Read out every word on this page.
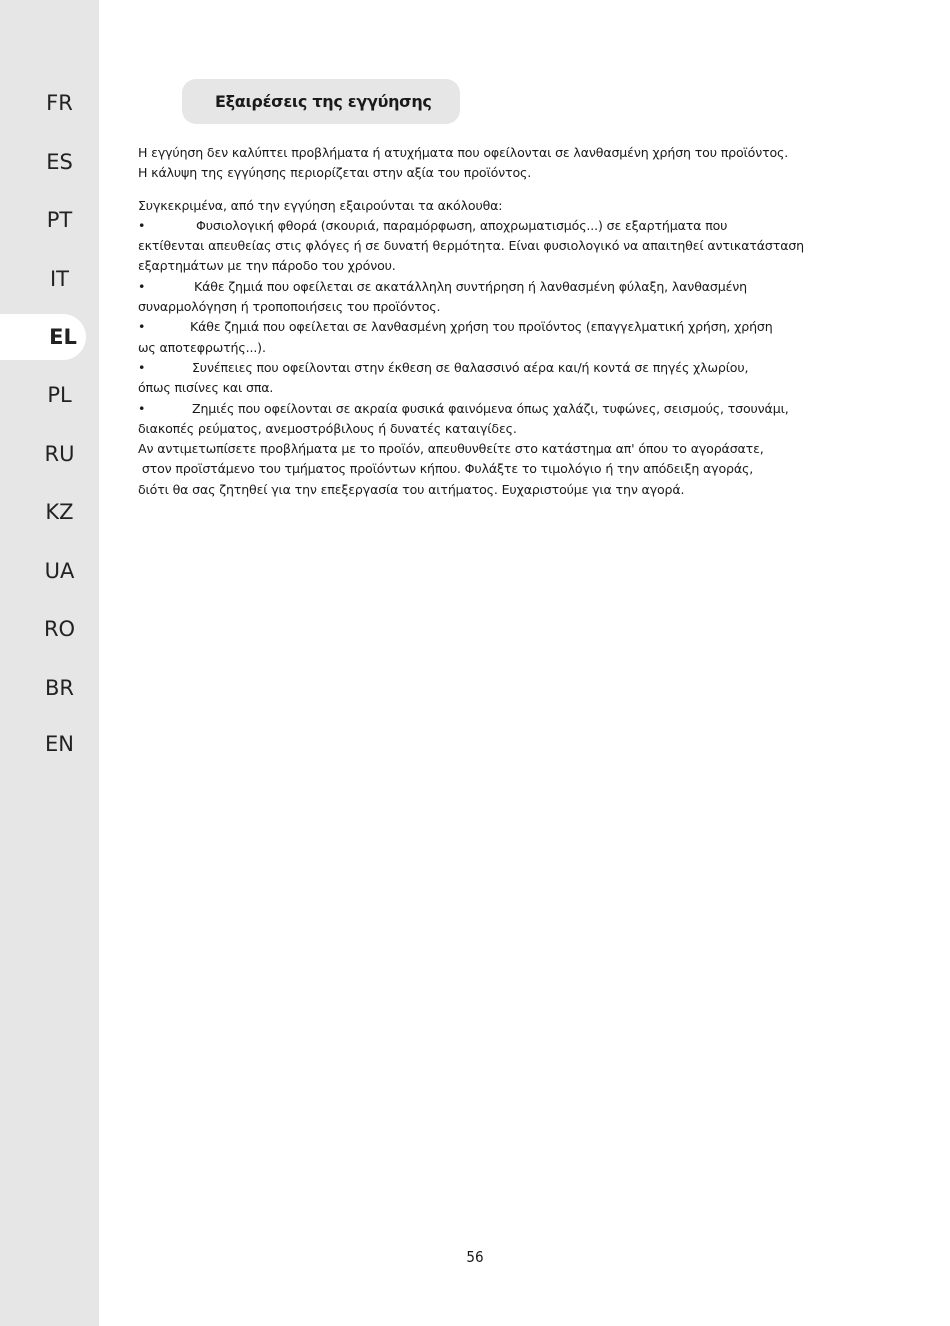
FR
ES
PT
IT
EL
PL
RU
KZ
UA
RO
BR
EN
Εξαιρέσεις της εγγύησης

Η εγγύηση δεν καλύπτει προβλήματα ή ατυχήματα που οφείλονται σε λανθασμένη χρήση του προϊόντος.

Η κάλυψη της εγγύησης περιορίζεται στην αξία του προϊόντος.

Συγκεκριμένα, από την εγγύηση εξαιρούνται τα ακόλουθα:

•	Φυσιολογική φθορά (σκουριά, παραμόρφωση, αποχρωματισμός...) σε εξαρτήματα που

εκτίθενται απευθείας στις φλόγες ή σε δυνατή θερμότητα. Είναι φυσιολογικό να απαιτηθεί αντικατάσταση

εξαρτημάτων με την πάροδο του χρόνου.

•	Κάθε ζημιά που οφείλεται σε ακατάλληλη συντήρηση ή λανθασμένη φύλαξη, λανθασμένη

συναρμολόγηση ή τροποποιήσεις του προϊόντος.

•	Κάθε ζημιά που οφείλεται σε λανθασμένη χρήση του προϊόντος (επαγγελματική χρήση, χρήση

ως αποτεφρωτής...).

•	Συνέπειες που οφείλονται στην έκθεση σε θαλασσινό αέρα και/ή κοντά σε πηγές χλωρίου,

όπως πισίνες και σπα.

•	Ζημιές που οφείλονται σε ακραία φυσικά φαινόμενα όπως χαλάζι, τυφώνες, σεισμούς, τσουνάμι,

διακοπές ρεύματος, ανεμοστρόβιλους ή δυνατές καταιγίδες.

Αν αντιμετωπίσετε προβλήματα με το προϊόν, απευθυνθείτε στο κατάστημα απ' όπου το αγοράσατε,

στον προϊστάμενο του τμήματος προϊόντων κήπου. Φυλάξτε το τιμολόγιο ή την απόδειξη αγοράς,

διότι θα σας ζητηθεί για την επεξεργασία του αιτήματος. Ευχαριστούμε για την αγορά.

56
